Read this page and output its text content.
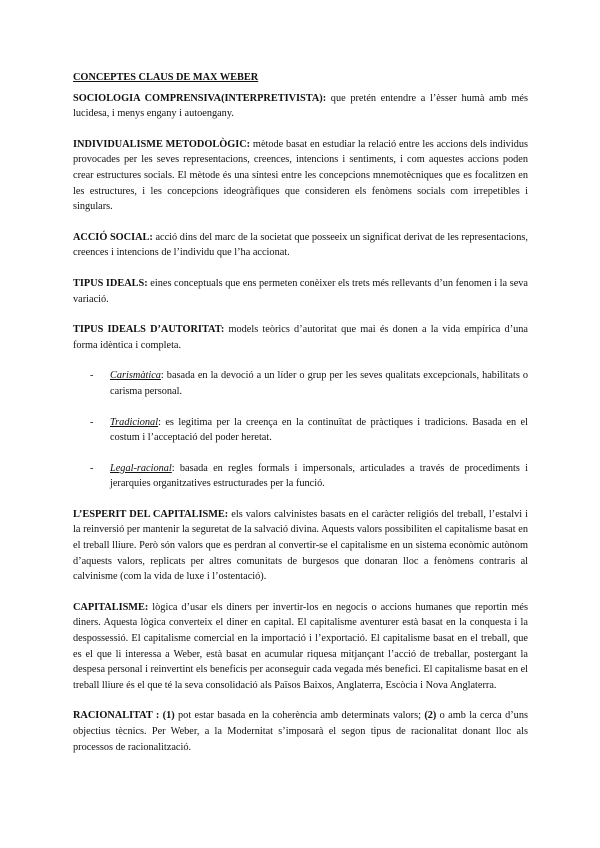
CONCEPTES CLAUS DE MAX WEBER

SOCIOLOGIA COMPRENSIVA(INTERPRETIVISTA): que pretén entendre a l’èsser humà amb més lucidesa, i menys engany i autoengany.

INDIVIDUALISME METODOLÒGIC: mètode basat en estudiar la relació entre les accions dels individus provocades per les seves representacions, creences, intencions i sentiments, i com aquestes accions poden crear estructures socials. El mètode és una síntesi entre les concepcions mnemotècniques que es focalitzen en les estructures, i les concepcions ideogràfiques que consideren els fenòmens socials com irrepetibles i singulars.

ACCIÓ SOCIAL: acció dins del marc de la societat que posseeix un significat derivat de les representacions, creences i intencions de l’individu que l’ha accionat.

TIPUS IDEALS: eines conceptuals que ens permeten conèixer els trets més rellevants d’un fenomen i la seva variació.

TIPUS IDEALS D’AUTORITAT: models teòrics d’autoritat que mai és donen a la vida empírica d’una forma idèntica i completa.

- Carismàtica: basada en la devoció a un líder o grup per les seves qualitats excepcionals, habilitats o carisma personal.
- Tradicional: es legitima per la creença en la continuïtat de pràctiques i tradicions. Basada en el costum i l’acceptació del poder heretat.
- Legal-racional: basada en regles formals i impersonals, articulades a través de procediments i jerarquies organitzatives estructurades per la funció.

L’ESPERIT DEL CAPITALISME: els valors calvinistes basats en el caràcter religiós del treball, l’estalvi i la reinversió per mantenir la seguretat de la salvació divina. Aquests valors possibiliten el capitalisme basat en el treball lliure. Però són valors que es perdran al convertir-se el capitalisme en un sistema econòmic autònom d’aquests valors, replicats per altres comunitats de burgesos que donaran lloc a fenòmens contraris al calvinisme (com la vida de luxe i l’ostentació).

CAPITALISME: lògica d’usar els diners per invertir-los en negocis o accions humanes que reportin més diners. Aquesta lògica converteix el diner en capital. El capitalisme aventurer està basat en la conquesta i la despossessió. El capitalisme comercial en la importació i l’exportació. El capitalisme basat en el treball, que es el que li interessa a Weber, està basat en acumular riquesa mitjançant l’acció de treballar, postergant la despesa personal i reinvertint els beneficis per aconseguir cada vegada més benefici. El capitalisme basat en el treball lliure és el que té la seva consolidació als Països Baixos, Anglaterra, Escòcia i Nova Anglaterra.

RACIONALITAT : (1) pot estar basada en la coherència amb determinats valors; (2) o amb la cerca d’uns objectius tècnics. Per Weber, a la Modernitat s’imposarà el segon tipus de racionalitat donant lloc als processos de racionalització.
